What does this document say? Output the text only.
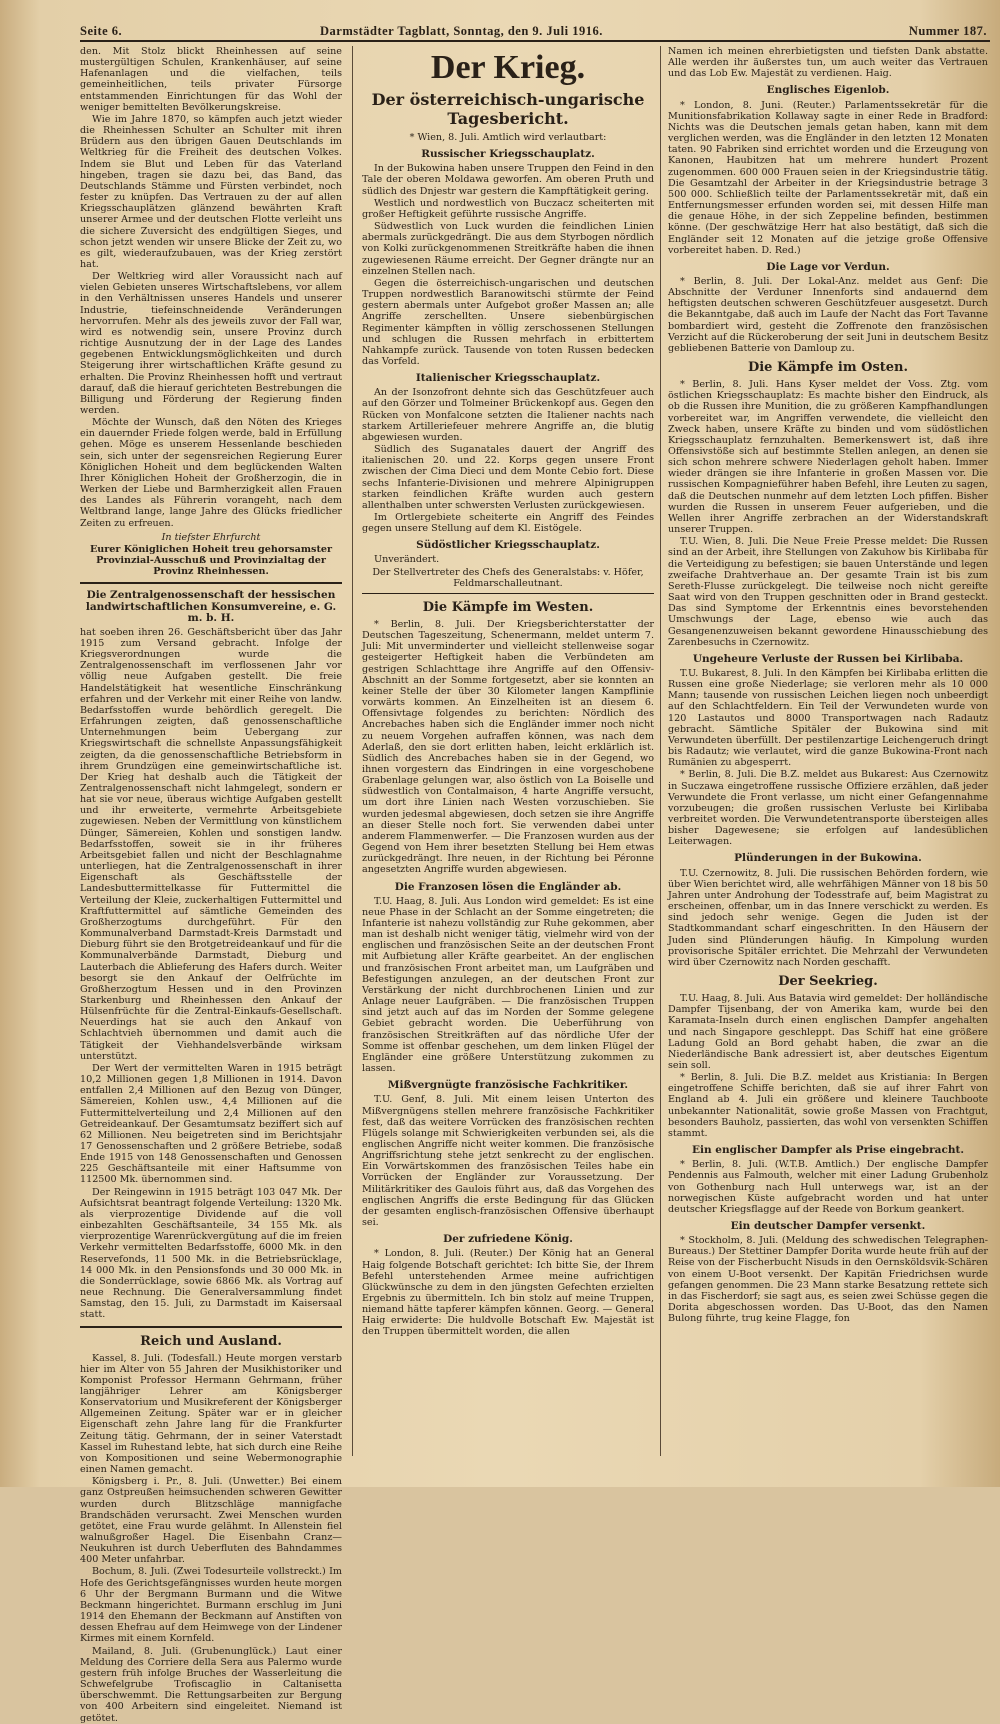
Seite 6.	Darmstädter Tagblatt, Sonntag, den 9. Juli 1916.	Nummer 187.

den. Mit Stolz blickt Rheinhessen auf seine mustergültigen Schulen, Krankenhäuser, auf seine Hafenanlagen und die vielfachen, teils gemeinheitlichen, teils privater Fürsorge entstammenden Einrichtungen für das Wohl der weniger bemittelten Bevölkerungskreise.

Wie im Jahre 1870, so kämpfen auch jetzt wieder die Rheinhessen Schulter an Schulter mit ihren Brüdern aus den übrigen Gauen Deutschlands im Weltkrieg für die Freiheit des deutschen Volkes. Indem sie Blut und Leben für das Vaterland hingeben, tragen sie dazu bei, das Band, das Deutschlands Stämme und Fürsten verbindet, noch fester zu knüpfen. Das Vertrauen zu der auf allen Kriegsschauplätzen glänzend bewährten Kraft unserer Armee und der deutschen Flotte verleiht uns die sichere Zuversicht des endgültigen Sieges, und schon jetzt wenden wir unsere Blicke der Zeit zu, wo es gilt, wiederaufzubauen, was der Krieg zerstört hat.

Der Weltkrieg wird aller Voraussicht nach auf vielen Gebieten unseres Wirtschaftslebens, vor allem in den Verhältnissen unseres Handels und unserer Industrie, tiefeinschneidende Veränderungen hervorrufen. Mehr als des jeweils zuvor der Fall war, wird es notwendig sein, unsere Provinz durch richtige Ausnutzung der in der Lage des Landes gegebenen Entwicklungsmöglichkeiten und durch Steigerung ihrer wirtschaftlichen Kräfte gesund zu erhalten. Die Provinz Rheinhessen hofft und vertraut darauf, daß die hierauf gerichteten Bestrebungen die Billigung und Förderung der Regierung finden werden.

Möchte der Wunsch, daß den Nöten des Krieges ein dauernder Friede folgen werde, bald in Erfüllung gehen. Möge es unserem Hessenlande beschieden sein, sich unter der segensreichen Regierung Eurer Königlichen Hoheit und dem beglückenden Walten Ihrer Königlichen Hoheit der Großherzogin, die in Werken der Liebe und Barmherzigkeit allen Frauen des Landes als Führerin vorangeht, nach dem Weltbrand lange, lange Jahre des Glücks friedlicher Zeiten zu erfreuen.

In tiefster Ehrfurcht

Eurer Königlichen Hoheit treu gehorsamster Provinzial-Ausschuß und Provinzialtag der Provinz Rheinhessen.

Die Zentralgenossenschaft der hessischen landwirtschaftlichen Konsumvereine, e. G. m. b. H.

hat soeben ihren 26. Geschäftsbericht über das Jahr 1915 zum Versand gebracht. Infolge der Kriegsverordnungen wurde die Zentralgenossenschaft im verflossenen Jahr vor völlig neue Aufgaben gestellt. Die freie Handelstätigkeit hat wesentliche Einschränkung erfahren und der Verkehr mit einer Reihe von landw. Bedarfsstoffen wurde behördlich geregelt. Die Erfahrungen zeigten, daß genossenschaftliche Unternehmungen beim Uebergang zur Kriegswirtschaft die schnellste Anpassungsfähigkeit zeigten, da die genossenschaftliche Betriebsform in ihrem Grundzügen eine gemeinwirtschaftliche ist. Der Krieg hat deshalb auch die Tätigkeit der Zentralgenossenschaft nicht lahmgelegt, sondern er hat sie vor neue, überaus wichtige Aufgaben gestellt und ihr erweiterte, vermehrte Arbeitsgebiete zugewiesen. Neben der Vermittlung von künstlichem Dünger, Sämereien, Kohlen und sonstigen landw. Bedarfsstoffen, soweit sie in ihr früheres Arbeitsgebiet fallen und nicht der Beschlagnahme unterliegen, hat die Zentralgenossenschaft in ihrer Eigenschaft als Geschäftsstelle der Landesbuttermittelkasse für Futtermittel die Verteilung der Kleie, zuckerhaltigen Futtermittel und Kraftfuttermittel auf sämtliche Gemeinden des Großherzogtums durchgeführt. Für den Kommunalverband Darmstadt-Kreis Darmstadt und Dieburg führt sie den Brotgetreideankauf und für die Kommunalverbände Darmstadt, Dieburg und Lauterbach die Ablieferung des Hafers durch. Weiter besorgt sie den Ankauf der Oelfrüchte im Großherzogtum Hessen und in den Provinzen Starkenburg und Rheinhessen den Ankauf der Hülsenfrüchte für die Zentral-Einkaufs-Gesellschaft. Neuerdings hat sie auch den Ankauf von Schlachtvieh übernommen und damit auch die Tätigkeit der Viehhandelsverbände wirksam unterstützt.

Der Wert der vermittelten Waren in 1915 beträgt 10,2 Millionen gegen 1,8 Millionen in 1914. Davon entfallen 2,4 Millionen auf den Bezug von Dünger, Sämereien, Kohlen usw., 4,4 Millionen auf die Futtermittelverteilung und 2,4 Millionen auf den Getreideankauf. Der Gesamtumsatz beziffert sich auf 62 Millionen. Neu beigetreten sind im Berichtsjahr 17 Genossenschaften und 2 größere Betriebe, sodaß Ende 1915 von 148 Genossenschaften und Genossen 225 Geschäftsanteile mit einer Haftsumme von 112500 Mk. übernommen sind.

Der Reingewinn in 1915 beträgt 103 047 Mk. Der Aufsichtsrat beantragt folgende Verteilung: 1320 Mk. als vierprozentige Dividende auf die voll einbezahlten Geschäftsanteile, 34 155 Mk. als vierprozentige Warenrückvergütung auf die im freien Verkehr vermittelten Bedarfsstoffe, 6000 Mk. in den Reservefonds, 11 500 Mk. in die Betriebsrücklage, 14 000 Mk. in den Pensionsfonds und 30 000 Mk. in die Sonderrücklage, sowie 6866 Mk. als Vortrag auf neue Rechnung. Die Generalversammlung findet Samstag, den 15. Juli, zu Darmstadt im Kaisersaal statt.

Reich und Ausland.

Kassel, 8. Juli. (Todesfall.) Heute morgen verstarb hier im Alter von 55 Jahren der Musikhistoriker und Komponist Professor Hermann Gehrmann, früher langjähriger Lehrer am Königsberger Konservatorium und Musikreferent der Königsberger Allgemeinen Zeitung. Später war er in gleicher Eigenschaft zehn Jahre lang für die Frankfurter Zeitung tätig. Gehrmann, der in seiner Vaterstadt Kassel im Ruhestand lebte, hat sich durch eine Reihe von Kompositionen und seine Webermonographie einen Namen gemacht.

Königsberg i. Pr., 8. Juli. (Unwetter.) Bei einem ganz Ostpreußen heimsuchenden schweren Gewitter wurden durch Blitzschläge mannigfache Brandschäden verursacht. Zwei Menschen wurden getötet, eine Frau wurde gelähmt. In Allenstein fiel walnußgroßer Hagel. Die Eisenbahn Cranz—Neukuhren ist durch Ueberfluten des Bahndammes 400 Meter unfahrbar.

Bochum, 8. Juli. (Zwei Todesurteile vollstreckt.) Im Hofe des Gerichtsgefängnisses wurden heute morgen 6 Uhr der Bergmann Burmann und die Witwe Beckmann hingerichtet. Burmann erschlug im Juni 1914 den Ehemann der Beckmann auf Anstiften von dessen Ehefrau auf dem Heimwege von der Lindener Kirmes mit einem Kornfeld.

Mailand, 8. Juli. (Grubenunglück.) Laut einer Meldung des Corriere della Sera aus Palermo wurde gestern früh infolge Bruches der Wasserleitung die Schwefelgrube Trofiscaglio in Caltanisetta überschwemmt. Die Rettungsarbeiten zur Bergung von 400 Arbeitern sind eingeleitet. Niemand ist getötet.

Der Krieg.
Der österreichisch-ungarische Tagesbericht.

* Wien, 8. Juli. Amtlich wird verlautbart:

Russischer Kriegsschauplatz.

In der Bukowina haben unsere Truppen den Feind in den Tale der oberen Moldawa geworfen. Am oberen Pruth und südlich des Dnjestr war gestern die Kampftätigkeit gering.

Westlich und nordwestlich von Buczacz scheiterten mit großer Heftigkeit geführte russische Angriffe.

Südwestlich von Luck wurden die feindlichen Linien abermals zurückgedrängt. Die aus dem Styrbogen nördlich von Kolki zurückgenommenen Streitkräfte haben die ihnen zugewiesenen Räume erreicht. Der Gegner drängte nur an einzelnen Stellen nach.

Gegen die österreichisch-ungarischen und deutschen Truppen nordwestlich Baranowitschi stürmte der Feind gestern abermals unter Aufgebot großer Massen an; alle Angriffe zerschellten. Unsere siebenbürgischen Regimenter kämpften in völlig zerschossenen Stellungen und schlugen die Russen mehrfach in erbittertem Nahkampfe zurück. Tausende von toten Russen bedecken das Vorfeld.

Italienischer Kriegsschauplatz.

An der Isonzofront dehnte sich das Geschützfeuer auch auf den Görzer und Tolmeiner Brückenkopf aus. Gegen den Rücken von Monfalcone setzten die Italiener nachts nach starkem Artilleriefeuer mehrere Angriffe an, die blutig abgewiesen wurden.

Südlich des Suganatales dauert der Angriff des italienischen 20. und 22. Korps gegen unsere Front zwischen der Cima Dieci und dem Monte Cebio fort. Diese sechs Infanterie-Divisionen und mehrere Alpinigruppen starken feindlichen Kräfte wurden auch gestern allenthalben unter schwersten Verlusten zurückgewiesen.

Im Ortlergebiete scheiterte ein Angriff des Feindes gegen unsere Stellung auf dem Kl. Eistögele.

Südöstlicher Kriegsschauplatz.

Unverändert.

Der Stellvertreter des Chefs des Generalstabs: v. Höfer, Feldmarschalleutnant.

Die Kämpfe im Westen.

* Berlin, 8. Juli. Der Kriegsberichterstatter der Deutschen Tageszeitung, Schenermann, meldet unterm 7. Juli: Mit unverminderter und vielleicht stellenweise sogar gesteigerter Heftigkeit haben die Verbündeten am gestrigen Schlachttage ihre Angriffe auf den Offensiv-Abschnitt an der Somme fortgesetzt, aber sie konnten an keiner Stelle der über 30 Kilometer langen Kampflinie vorwärts kommen. An Einzelheiten ist an diesem 6. Offensivtage folgendes zu berichten: Nördlich des Ancrebaches haben sich die Engländer immer noch nicht zu neuem Vorgehen aufraffen können, was nach dem Aderlaß, den sie dort erlitten haben, leicht erklärlich ist. Südlich des Ancrebaches haben sie in der Gegend, wo ihnen vorgestern das Eindringen in eine vorgeschobene Grabenlage gelungen war, also östlich von La Boiselle und südwestlich von Contalmaison, 4 harte Angriffe versucht, um dort ihre Linien nach Westen vorzuschieben. Sie wurden jedesmal abgewiesen, doch setzen sie ihre Angriffe an dieser Stelle noch fort. Sie verwenden dabei unter anderem Flammenwerfer. — Die Franzosen wurden aus der Gegend von Hem ihrer besetzten Stellung bei Hem etwas zurückgedrängt. Ihre neuen, in der Richtung bei Péronne angesetzten Angriffe wurden abgewiesen.

Die Franzosen lösen die Engländer ab.

T.U. Haag, 8. Juli. Aus London wird gemeldet: Es ist eine neue Phase in der Schlacht an der Somme eingetreten; die Infanterie ist nahezu vollständig zur Ruhe gekommen, aber man ist deshalb nicht weniger tätig, vielmehr wird von der englischen und französischen Seite an der deutschen Front mit Aufbietung aller Kräfte gearbeitet. An der englischen und französischen Front arbeitet man, um Laufgräben und Befestigungen anzulegen, an der deutschen Front zur Verstärkung der nicht durchbrochenen Linien und zur Anlage neuer Laufgräben. — Die französischen Truppen sind jetzt auch auf das im Norden der Somme gelegene Gebiet gebracht worden. Die Ueberführung von französischen Streitkräften auf das nördliche Ufer der Somme ist offenbar geschehen, um dem linken Flügel der Engländer eine größere Unterstützung zukommen zu lassen.

Mißvergnügte französische Fachkritiker.

T.U. Genf, 8. Juli. Mit einem leisen Unterton des Mißvergnügens stellen mehrere französische Fachkritiker fest, daß das weitere Vorrücken des französischen rechten Flügels solange mit Schwierigkeiten verbunden sei, als die englischen Angriffe nicht weiter kommen. Die französische Angriffsrichtung stehe jetzt senkrecht zu der englischen. Ein Vorwärtskommen des französischen Teiles habe ein Vorrücken der Engländer zur Voraussetzung. Der Militärkritiker des Gaulois führt aus, daß das Vorgehen des englischen Angriffs die erste Bedingung für das Glücken der gesamten englisch-französischen Offensive überhaupt sei.

Der zufriedene König.

* London, 8. Juli. (Reuter.) Der König hat an General Haig folgende Botschaft gerichtet: Ich bitte Sie, der Ihrem Befehl unterstehenden Armee meine aufrichtigen Glückwünsche zu dem in den jüngsten Gefechten erzielten Ergebnis zu übermitteln. Ich bin stolz auf meine Truppen, niemand hätte tapferer kämpfen können. Georg. — General Haig erwiderte: Die huldvolle Botschaft Ew. Majestät ist den Truppen übermittelt worden, die allen

Namen ich meinen ehrerbietigsten und tiefsten Dank abstatte. Alle werden ihr äußerstes tun, um auch weiter das Vertrauen und das Lob Ew. Majestät zu verdienen. Haig.

Englisches Eigenlob.

* London, 8. Juni. (Reuter.) Parlamentssekretär für die Munitionsfabrikation Kollaway sagte in einer Rede in Bradford: Nichts was die Deutschen jemals getan haben, kann mit dem verglichen werden, was die Engländer in den letzten 12 Monaten taten. 90 Fabriken sind errichtet worden und die Erzeugung von Kanonen, Haubitzen hat um mehrere hundert Prozent zugenommen. 600 000 Frauen seien in der Kriegsindustrie tätig. Die Gesamtzahl der Arbeiter in der Kriegsindustrie betrage 3 500 000. Schließlich teilte der Parlamentssekretär mit, daß ein Entfernungsmesser erfunden worden sei, mit dessen Hilfe man die genaue Höhe, in der sich Zeppeline befinden, bestimmen könne. (Der geschwätzige Herr hat also bestätigt, daß sich die Engländer seit 12 Monaten auf die jetzige große Offensive vorbereitet haben. D. Red.)

Die Lage vor Verdun.

* Berlin, 8. Juli. Der Lokal-Anz. meldet aus Genf: Die Abschnitte der Verduner Innenforts sind andauernd dem heftigsten deutschen schweren Geschützfeuer ausgesetzt. Durch die Bekanntgabe, daß auch im Laufe der Nacht das Fort Tavanne bombardiert wird, gesteht die Zoffrenote den französischen Verzicht auf die Rückeroberung der seit Juni in deutschem Besitz gebliebenen Batterie von Damloup zu.

Die Kämpfe im Osten.

* Berlin, 8. Juli. Hans Kyser meldet der Voss. Ztg. vom östlichen Kriegsschauplatz: Es machte bisher den Eindruck, als ob die Russen ihre Munition, die zu größeren Kampfhandlungen vorbereitet war, im Angriffen verwendete, die vielleicht den Zweck haben, unsere Kräfte zu binden und vom südöstlichen Kriegsschauplatz fernzuhalten. Bemerkenswert ist, daß ihre Offensivstöße sich auf bestimmte Stellen anlegen, an denen sie sich schon mehrere schwere Niederlagen geholt haben. Immer wieder drängen sie ihre Infanterie in großen Massen vor. Die russischen Kompagnieführer haben Befehl, ihre Leuten zu sagen, daß die Deutschen nunmehr auf dem letzten Loch pfiffen. Bisher wurden die Russen in unserem Feuer aufgerieben, und die Wellen ihrer Angriffe zerbrachen an der Widerstandskraft unserer Truppen.

T.U. Wien, 8. Juli. Die Neue Freie Presse meldet: Die Russen sind an der Arbeit, ihre Stellungen von Zakuhow bis Kirlibaba für die Verteidigung zu befestigen; sie bauen Unterstände und legen zweifache Drahtverhaue an. Der gesamte Train ist bis zum Sereth-Flusse zurückgelegt. Die teilweise noch nicht gereifte Saat wird von den Truppen geschnitten oder in Brand gesteckt. Das sind Symptome der Erkenntnis eines bevorstehenden Umschwungs der Lage, ebenso wie auch das Gesangenenzuweisen bekannt gewordene Hinausschiebung des Zarenbesuchs in Czernowitz.

Ungeheure Verluste der Russen bei Kirlibaba.

T.U. Bukarest, 8. Juli. In den Kämpfen bei Kirlibaba erlitten die Russen eine große Niederlage; sie verloren mehr als 10 000 Mann; tausende von russischen Leichen liegen noch unbeerdigt auf den Schlachtfeldern. Ein Teil der Verwundeten wurde von 120 Lastautos und 8000 Transportwagen nach Radautz gebracht. Sämtliche Spitäler der Bukowina sind mit Verwundeten überfüllt. Der pestilenzartige Leichengeruch dringt bis Radautz; wie verlautet, wird die ganze Bukowina-Front nach Rumänien zu abgesperrt.

* Berlin, 8. Juli. Die B.Z. meldet aus Bukarest: Aus Czernowitz in Suczawa eingetroffene russische Offiziere erzählen, daß jeder Verwundete die Front verlasse, um nicht einer Gefangennahme vorzubeugen; die großen russischen Verluste bei Kirlibaba verbreitet worden. Die Verwundetentransporte übersteigen alles bisher Dagewesene; sie erfolgen auf landesüblichen Leiterwagen.

Plünderungen in der Bukowina.

T.U. Czernowitz, 8. Juli. Die russischen Behörden fordern, wie über Wien berichtet wird, alle wehrfähigen Männer von 18 bis 50 Jahren unter Androhung der Todesstrafe auf, beim Magistrat zu erscheinen, offenbar, um in das Innere verschickt zu werden. Es sind jedoch sehr wenige. Gegen die Juden ist der Stadtkommandant scharf eingeschritten. In den Häusern der Juden sind Plünderungen häufig. In Kimpolung wurden provisorische Spitäler errichtet. Die Mehrzahl der Verwundeten wird über Czernowitz nach Norden geschafft.

Der Seekrieg.

T.U. Haag, 8. Juli. Aus Batavia wird gemeldet: Der holländische Dampfer Tijsenbang, der von Amerika kam, wurde bei den Karamata-Inseln durch einen englischen Dampfer angehalten und nach Singapore geschleppt. Das Schiff hat eine größere Ladung Gold an Bord gehabt haben, die zwar an die Niederländische Bank adressiert ist, aber deutsches Eigentum sein soll.

* Berlin, 8. Juli. Die B.Z. meldet aus Kristiania: In Bergen eingetroffene Schiffe berichten, daß sie auf ihrer Fahrt von England ab 4. Juli ein größere und kleinere Tauchboote unbekannter Nationalität, sowie große Massen von Frachtgut, besonders Bauholz, passierten, das wohl von versenkten Schiffen stammt.

Ein englischer Dampfer als Prise eingebracht.

* Berlin, 8. Juli. (W.T.B. Amtlich.) Der englische Dampfer Pendennis aus Falmouth, welcher mit einer Ladung Grubenholz von Gothenburg nach Hull unterwegs war, ist an der norwegischen Küste aufgebracht worden und hat unter deutscher Kriegsflagge auf der Reede von Borkum geankert.

Ein deutscher Dampfer versenkt.

* Stockholm, 8. Juli. (Meldung des schwedischen Telegraphen-Bureaus.) Der Stettiner Dampfer Dorita wurde heute früh auf der Reise von der Fischerbucht Nisuds in den Oernsköldsvik-Schären von einem U-Boot versenkt. Der Kapitän Friedrichsen wurde gefangen genommen. Die 23 Mann starke Besatzung rettete sich in das Fischerdorf; sie sagt aus, es seien zwei Schüsse gegen die Dorita abgeschossen worden. Das U-Boot, das den Namen Bulong führte, trug keine Flagge, fon
